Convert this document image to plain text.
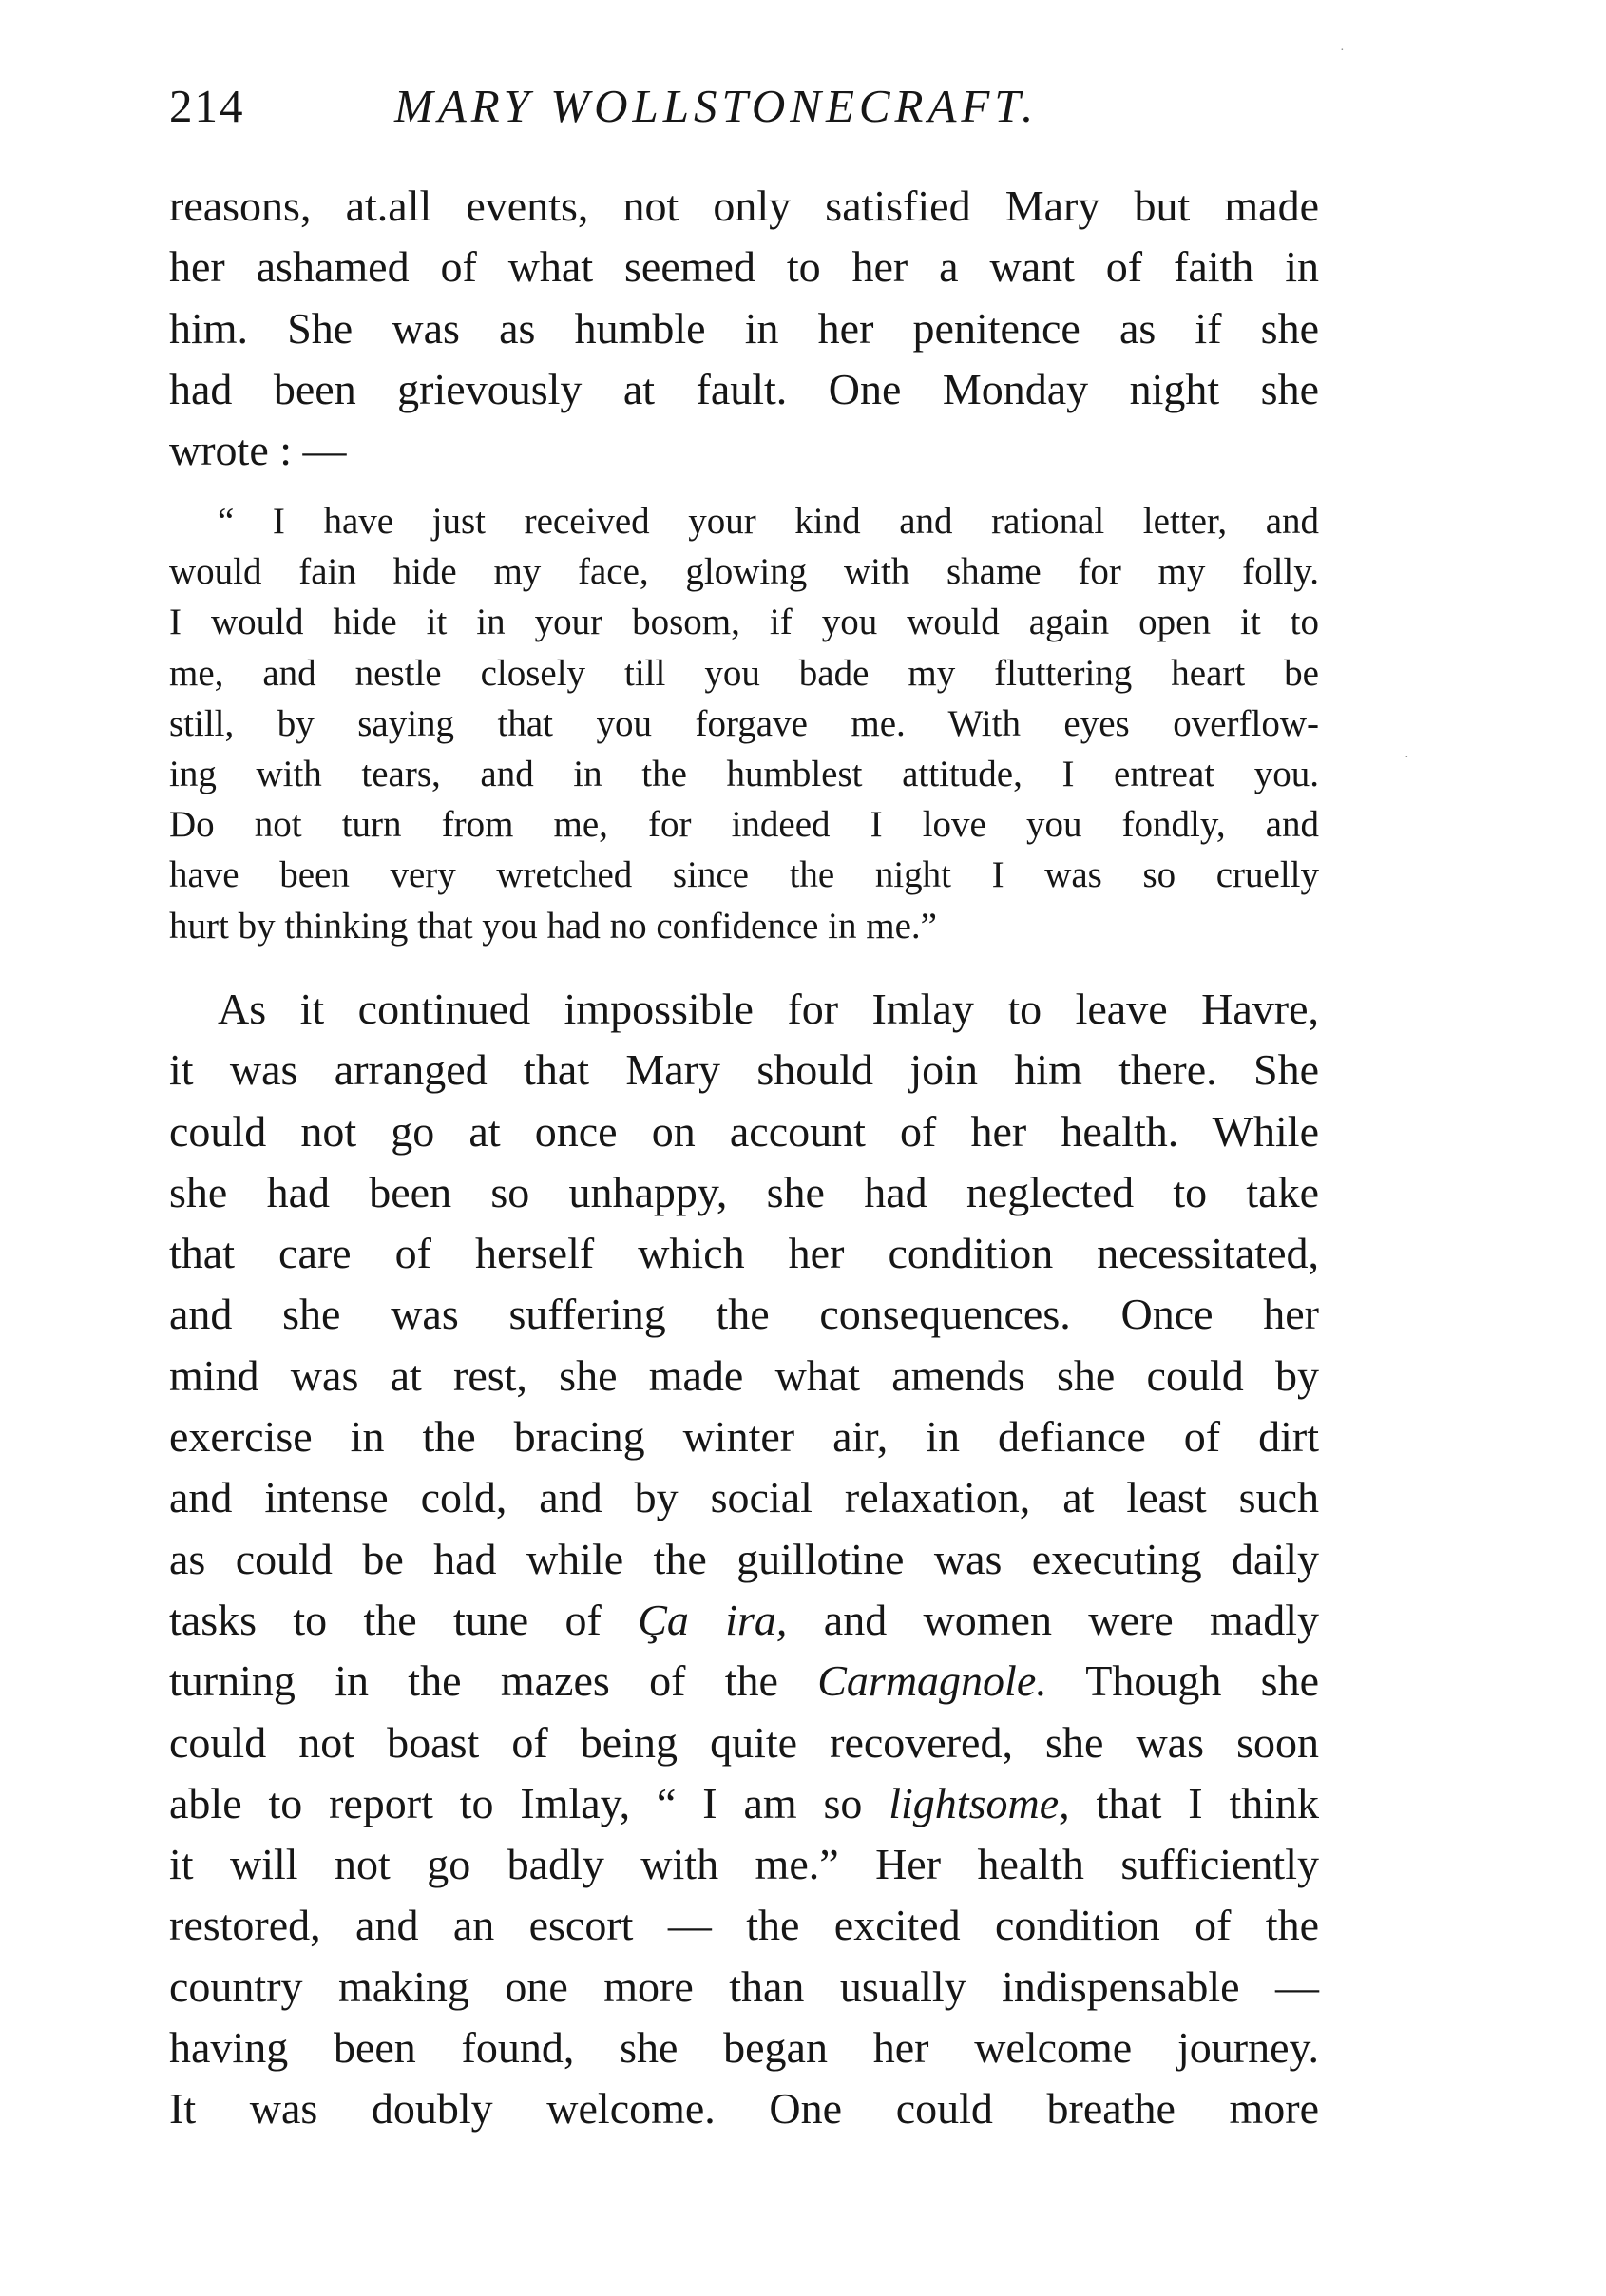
214	MARY WOLLSTONECRAFT.
reasons, at.all events, not only satisfied Mary but made
her ashamed of what seemed to her a want of faith in
him. She was as humble in her penitence as if she
had been grievously at fault. One Monday night she
wrote : —
“ I have just received your kind and rational letter, and
would fain hide my face, glowing with shame for my folly.
I would hide it in your bosom, if you would again open it to
me, and nestle closely till you bade my fluttering heart be
still, by saying that you forgave me. With eyes overflow-
ing with tears, and in the humblest attitude, I entreat you.
Do not turn from me, for indeed I love you fondly, and
have been very wretched since the night I was so cruelly
hurt by thinking that you had no confidence in me.”
As it continued impossible for Imlay to leave Havre,
it was arranged that Mary should join him there. She
could not go at once on account of her health. While
she had been so unhappy, she had neglected to take
that care of herself which her condition necessitated,
and she was suffering the consequences. Once her
mind was at rest, she made what amends she could by
exercise in the bracing winter air, in defiance of dirt
and intense cold, and by social relaxation, at least such
as could be had while the guillotine was executing daily
tasks to the tune of Ça ira, and women were madly
turning in the mazes of the Carmagnole. Though she
could not boast of being quite recovered, she was soon
able to report to Imlay, “ I am so lightsome, that I think
it will not go badly with me.” Her health sufficiently
restored, and an escort — the excited condition of the
country making one more than usually indispensable —
having been found, she began her welcome journey.
It was doubly welcome. One could breathe more
·
·
